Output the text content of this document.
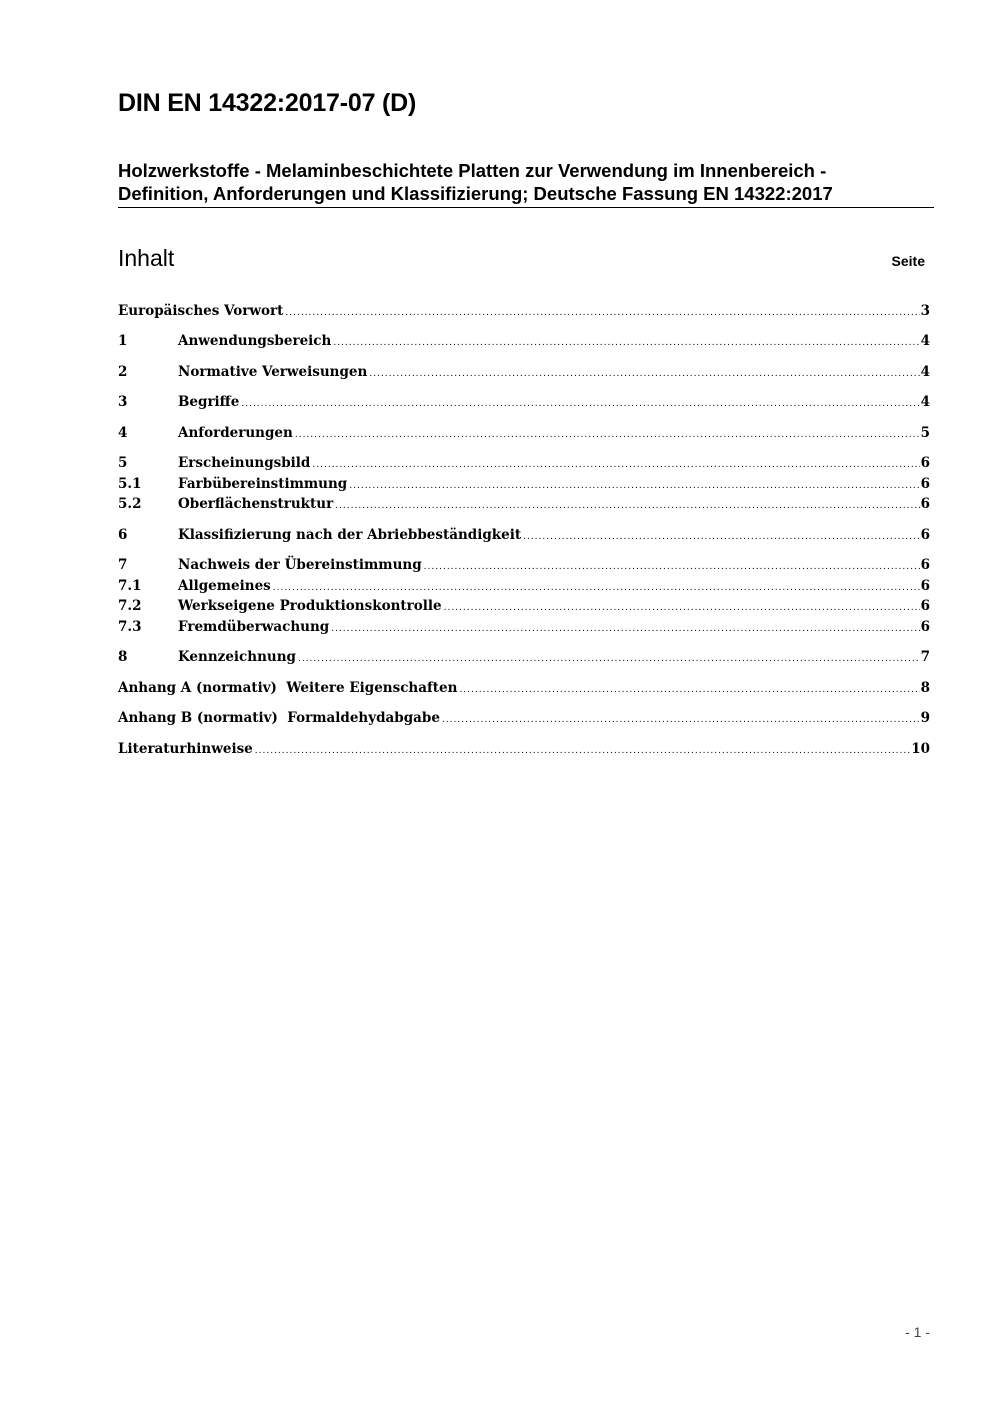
DIN EN 14322:2017-07 (D)
Holzwerkstoffe - Melaminbeschichtete Platten zur Verwendung im Innenbereich -
Definition, Anforderungen und Klassifizierung; Deutsche Fassung EN 14322:2017
Inhalt	Seite
Europäisches Vorwort .....	3
1	Anwendungsbereich .....	4
2	Normative Verweisungen .....	4
3	Begriffe .....	4
4	Anforderungen .....	5
5	Erscheinungsbild .....	6
5.1	Farbübereinstimmung .....	6
5.2	Oberflächenstruktur .....	6
6	Klassifizierung nach der Abriebbeständigkeit .....	6
7	Nachweis der Übereinstimmung .....	6
7.1	Allgemeines .....	6
7.2	Werkseigene Produktionskontrolle .....	6
7.3	Fremdüberwachung .....	6
8	Kennzeichnung .....	7
Anhang A (normativ)  Weitere Eigenschaften .....	8
Anhang B (normativ)  Formaldehydabgabe .....	9
Literaturhinweise .....	10
- 1 -
